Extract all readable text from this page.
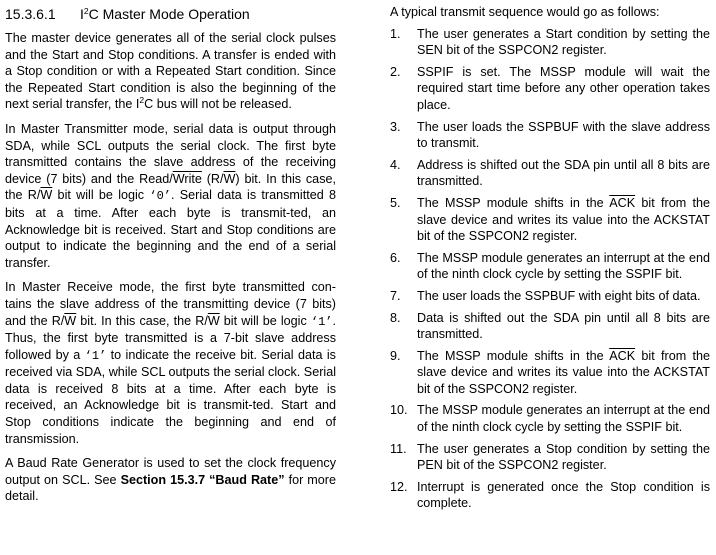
15.3.6.1 $I^2C$ Master Mode Operation

The master device generates all of the serial clock pulses and the Start and Stop conditions. A transfer is ended with a Stop condition or with a Repeated Start condition. Since the Repeated Start condition is also the beginning of the next serial transfer, the $I^2C$ bus will not be released.

In Master Transmitter mode, serial data is output through SDA, while SCL outputs the serial clock. The first byte transmitted contains the slave address of the receiving device (7 bits) and the Read/Write $(R/\overline{W})$ bit. In this case, the $R/\overline{W}$ bit will be logic ‘0’. Serial data is transmitted 8 bits at a time. After each byte is transmit-ted, an Acknowledge bit is received. Start and Stop conditions are output to indicate the beginning and the end of a serial transfer.

In Master Receive mode, the first byte transmitted con-tains the slave address of the transmitting device (7 bits) and the $R/\overline{W}$ bit. In this case, the $R/\overline{W}$ bit will be logic ‘1’. Thus, the first byte transmitted is a 7-bit slave address followed by a ‘1’ to indicate the receive bit. Serial data is received via SDA, while SCL outputs the serial clock. Serial data is received 8 bits at a time. After each byte is received, an Acknowledge bit is transmit-ted. Start and Stop conditions indicate the beginning and end of transmission.

A Baud Rate Generator is used to set the clock frequency output on SCL. See Section 15.3.7 “Baud Rate” for more detail.

A typical transmit sequence would go as follows:
1. The user generates a Start condition by setting the SEN bit of the SSPCON2 register.
2. SSPIF is set. The MSSP module will wait the required start time before any other operation takes place.
3. The user loads the SSPBUF with the slave address to transmit.
4. Address is shifted out the SDA pin until all 8 bits are transmitted.
5. The MSSP module shifts in the $\overline{ACK}$ bit from the slave device and writes its value into the ACKSTAT bit of the SSPCON2 register.
6. The MSSP module generates an interrupt at the end of the ninth clock cycle by setting the SSPIF bit.
7. The user loads the SSPBUF with eight bits of data.
8. Data is shifted out the SDA pin until all 8 bits are transmitted.
9. The MSSP module shifts in the $\overline{ACK}$ bit from the slave device and writes its value into the ACKSTAT bit of the SSPCON2 register.
10. The MSSP module generates an interrupt at the end of the ninth clock cycle by setting the SSPIF bit.
11. The user generates a Stop condition by setting the PEN bit of the SSPCON2 register.
12. Interrupt is generated once the Stop condition is complete.
